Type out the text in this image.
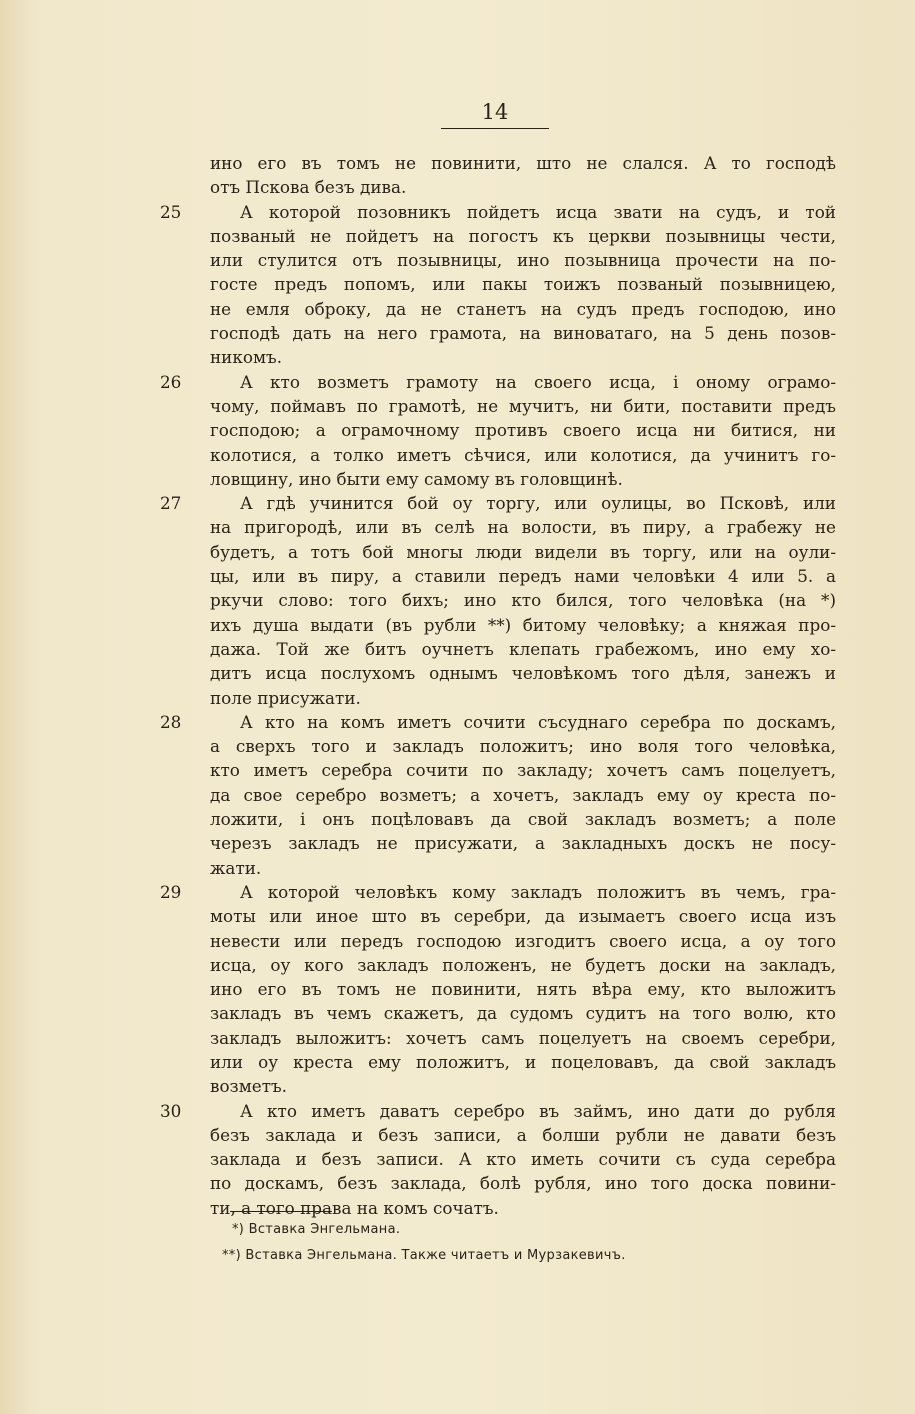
14
ино его въ томъ не повинити, што не слался. А то господѣ
отъ Пскова безъ дива.
25	А которой позовникъ пойдетъ исца звати на судъ, и той
позваный не пойдетъ на погостъ къ церкви позывницы чести,
или стулится отъ позывницы, ино позывница прочести на по-
госте предъ попомъ, или пакы тоижъ позваный позывницею,
не емля оброку, да не станетъ на судъ предъ господою, ино
господѣ дать на него грамота, на виноватаго, на 5 день позов-
никомъ.
26	А кто возметъ грамоту на своего исца, і оному ограмо-
чому, поймавъ по грамотѣ, не мучитъ, ни бити, поставити предъ
господою; а ограмочному противъ своего исца ни битися, ни
колотися, а толко иметъ сѣчися, или колотися, да учинитъ го-
ловщину, ино быти ему самому въ головщинѣ.
27	А гдѣ учинится бой оу торгу, или оулицы, во Псковѣ, или
на пригородѣ, или въ селѣ на волости, въ пиру, а грабежу не
будетъ, а тотъ бой многы люди видели въ торгу, или на оули-
цы, или въ пиру, а ставили передъ нами человѣки 4 или 5. а
ркучи слово: того бихъ; ино кто бился, того человѣка (на *)
ихъ душа выдати (въ рубли **) битому человѣку; а княжая про-
дажа. Той же битъ оучнетъ клепать грабежомъ, ино ему хо-
дитъ исца послухомъ однымъ человѣкомъ того дѣля, занежъ и
поле присужати.
28	А кто на комъ иметъ сочити съсуднаго серебра по доскамъ,
а сверхъ того и закладъ положитъ; ино воля того человѣка,
кто иметъ серебра сочити по закладу; хочетъ самъ поцелуетъ,
да свое серебро возметъ; а хочетъ, закладъ ему оу креста по-
ложити, і онъ поцѣловавъ да свой закладъ возметъ; а поле
черезъ закладъ не присужати, а закладныхъ доскъ не посу-
жати.
29	А которой человѣкъ кому закладъ положитъ въ чемъ, гра-
моты или иное што въ серебри, да изымаетъ своего исца изъ
невести или передъ господою изгодитъ своего исца, а оу того
исца, оу кого закладъ положенъ, не будетъ доски на закладъ,
ино его въ томъ не повинити, нять вѣра ему, кто выложитъ
закладъ въ чемъ скажетъ, да судомъ судитъ на того волю, кто
закладъ выложитъ: хочетъ самъ поцелуетъ на своемъ серебри,
или оу креста ему положитъ, и поцеловавъ, да свой закладъ
возметъ.
30	А кто иметъ даватъ серебро въ займъ, ино дати до рубля
безъ заклада и безъ записи, а болши рубли не давати безъ
заклада и безъ записи. А кто иметь сочити съ суда серебра
по доскамъ, безъ заклада, болѣ рубля, ино того доска повини-
ти, а того права на комъ сочатъ.
*) Вставка Энгельмана.
**) Вставка Энгельмана. Также читаетъ и Мурзакевичъ.
